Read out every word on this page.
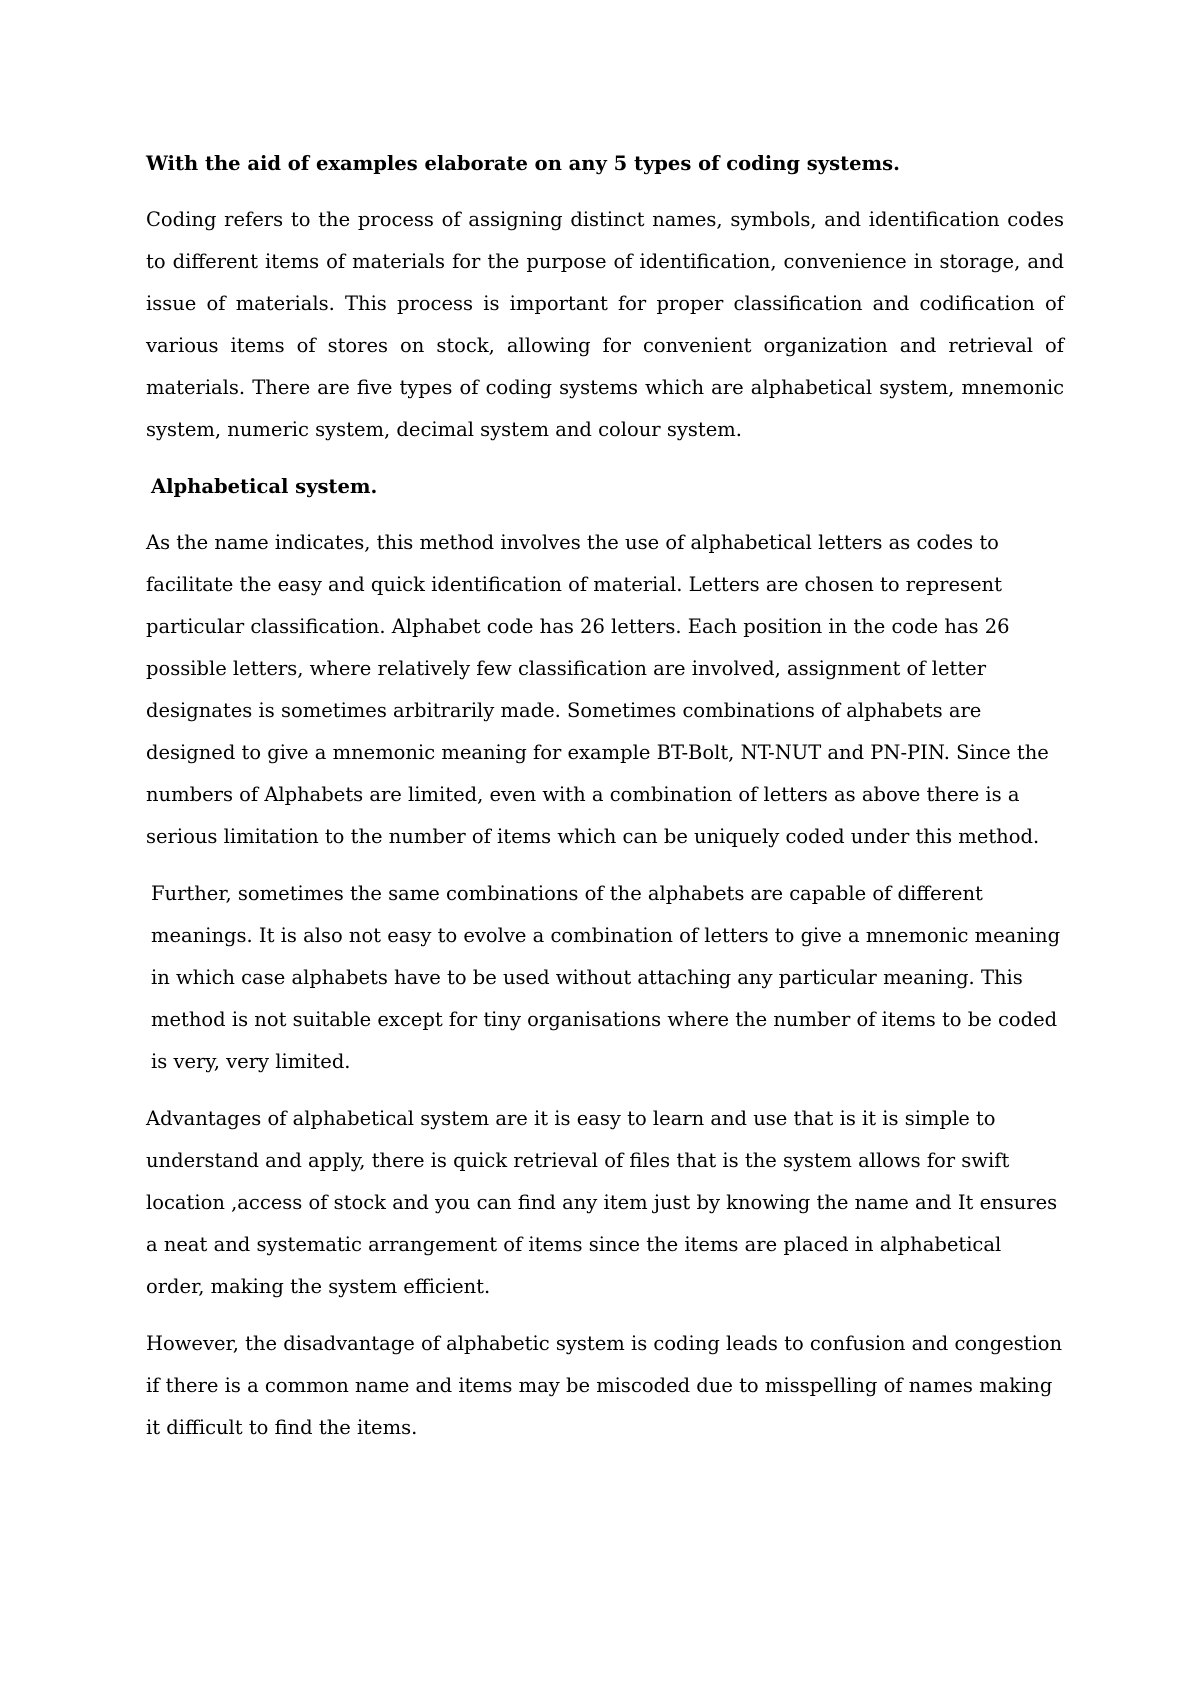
With the aid of examples elaborate on any 5 types of coding systems.
Coding refers to the process of assigning distinct names, symbols, and identification codes to different items of materials for the purpose of identification, convenience in storage, and issue of materials. This process is important for proper classification and codification of various items of stores on stock, allowing for convenient organization and retrieval of materials. There are five types of coding systems which are alphabetical system, mnemonic system, numeric system, decimal system and colour system.
Alphabetical system.
As the name indicates, this method involves the use of alphabetical letters as codes to facilitate the easy and quick identification of material. Letters are chosen to represent particular classification. Alphabet code has 26 letters. Each position in the code has 26 possible letters, where relatively few classification are involved, assignment of letter designates is sometimes arbitrarily made. Sometimes combinations of alphabets are designed to give a mnemonic meaning for example BT-Bolt, NT-NUT and PN-PIN. Since the numbers of Alphabets are limited, even with a combination of letters as above there is a serious limitation to the number of items which can be uniquely coded under this method.
Further, sometimes the same combinations of the alphabets are capable of different meanings. It is also not easy to evolve a combination of letters to give a mnemonic meaning in which case alphabets have to be used without attaching any particular meaning. This method is not suitable except for tiny organisations where the number of items to be coded is very, very limited.
Advantages of alphabetical system are it is easy to learn and use that is it is simple to understand and apply, there is quick retrieval of files that is the system allows for swift location ,access of stock and you can find any item just by knowing the name and It ensures a neat and systematic arrangement of items since the items are placed in alphabetical order, making the system efficient.
However, the disadvantage of alphabetic system is coding leads to confusion and congestion if there is a common name and items may be miscoded due to misspelling of names making it difficult to find the items.
